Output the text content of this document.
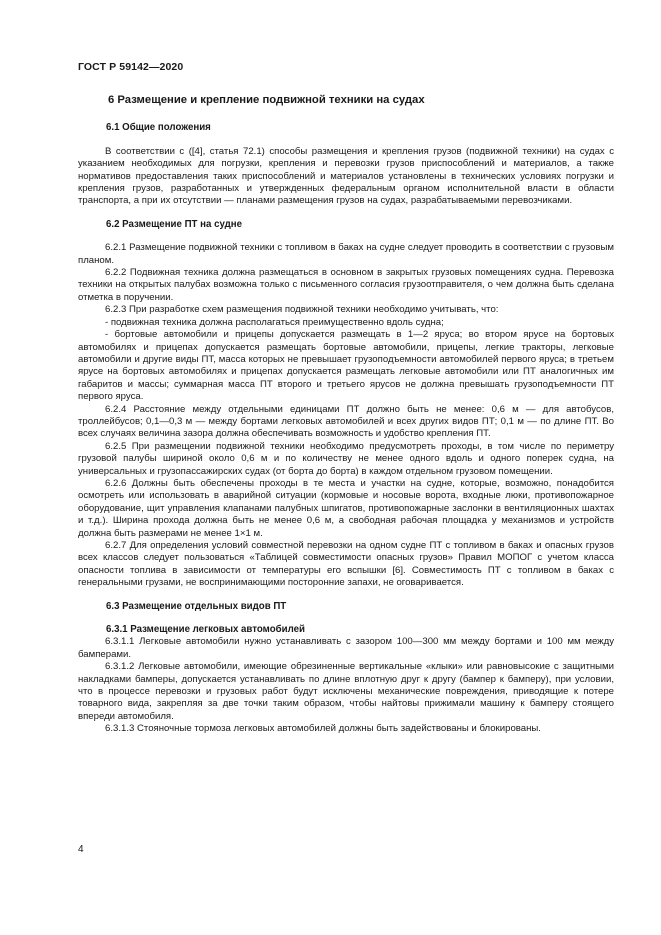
ГОСТ Р 59142—2020

6 Размещение и крепление подвижной техники на судах

6.1 Общие положения

В соответствии с ([4], статья 72.1) способы размещения и крепления грузов (подвижной техники) на судах с указанием необходимых для погрузки, крепления и перевозки грузов приспособлений и материалов, а также нормативов предоставления таких приспособлений и материалов установлены в технических условиях погрузки и крепления грузов, разработанных и утвержденных федеральным органом исполнительной власти в области транспорта, а при их отсутствии — планами размещения грузов на судах, разрабатываемыми перевозчиками.

6.2 Размещение ПТ на судне

6.2.1 Размещение подвижной техники с топливом в баках на судне следует проводить в соответствии с грузовым планом.

6.2.2 Подвижная техника должна размещаться в основном в закрытых грузовых помещениях судна. Перевозка техники на открытых палубах возможна только с письменного согласия грузоотправителя, о чем должна быть сделана отметка в поручении.

6.2.3 При разработке схем размещения подвижной техники необходимо учитывать, что:

- подвижная техника должна располагаться преимущественно вдоль судна;

- бортовые автомобили и прицепы допускается размещать в 1—2 яруса; во втором ярусе на бортовых автомобилях и прицепах допускается размещать бортовые автомобили, прицепы, легкие тракторы, легковые автомобили и другие виды ПТ, масса которых не превышает грузоподъемности автомобилей первого яруса; в третьем ярусе на бортовых автомобилях и прицепах допускается размещать легковые автомобили или ПТ аналогичных им габаритов и массы; суммарная масса ПТ второго и третьего ярусов не должна превышать грузоподъемности ПТ первого яруса.

6.2.4 Расстояние между отдельными единицами ПТ должно быть не менее: 0,6 м — для автобусов, троллейбусов; 0,1—0,3 м — между бортами легковых автомобилей и всех других видов ПТ; 0,1 м — по длине ПТ. Во всех случаях величина зазора должна обеспечивать возможность и удобство крепления ПТ.

6.2.5 При размещении подвижной техники необходимо предусмотреть проходы, в том числе по периметру грузовой палубы шириной около 0,6 м и по количеству не менее одного вдоль и одного поперек судна, на универсальных и грузопассажирских судах (от борта до борта) в каждом отдельном грузовом помещении.

6.2.6 Должны быть обеспечены проходы в те места и участки на судне, которые, возможно, понадобится осмотреть или использовать в аварийной ситуации (кормовые и носовые ворота, входные люки, противопожарное оборудование, щит управления клапанами палубных шпигатов, противопожарные заслонки в вентиляционных шахтах и т.д.). Ширина прохода должна быть не менее 0,6 м, а свободная рабочая площадка у механизмов и устройств должна быть размерами не менее 1×1 м.

6.2.7 Для определения условий совместной перевозки на одном судне ПТ с топливом в баках и опасных грузов всех классов следует пользоваться «Таблицей совместимости опасных грузов» Правил МОПОГ с учетом класса опасности топлива в зависимости от температуры его вспышки [6]. Совместимость ПТ с топливом в баках с генеральными грузами, не воспринимающими посторонние запахи, не оговаривается.

6.3 Размещение отдельных видов ПТ

6.3.1 Размещение легковых автомобилей

6.3.1.1 Легковые автомобили нужно устанавливать с зазором 100—300 мм между бортами и 100 мм между бамперами.

6.3.1.2 Легковые автомобили, имеющие обрезиненные вертикальные «клыки» или равновысокие с защитными накладками бамперы, допускается устанавливать по длине вплотную друг к другу (бампер к бамперу), при условии, что в процессе перевозки и грузовых работ будут исключены механические повреждения, приводящие к потере товарного вида, закрепляя за две точки таким образом, чтобы найтовы прижимали машину к бамперу стоящего впереди автомобиля.

6.3.1.3 Стояночные тормоза легковых автомобилей должны быть задействованы и блокированы.

4
